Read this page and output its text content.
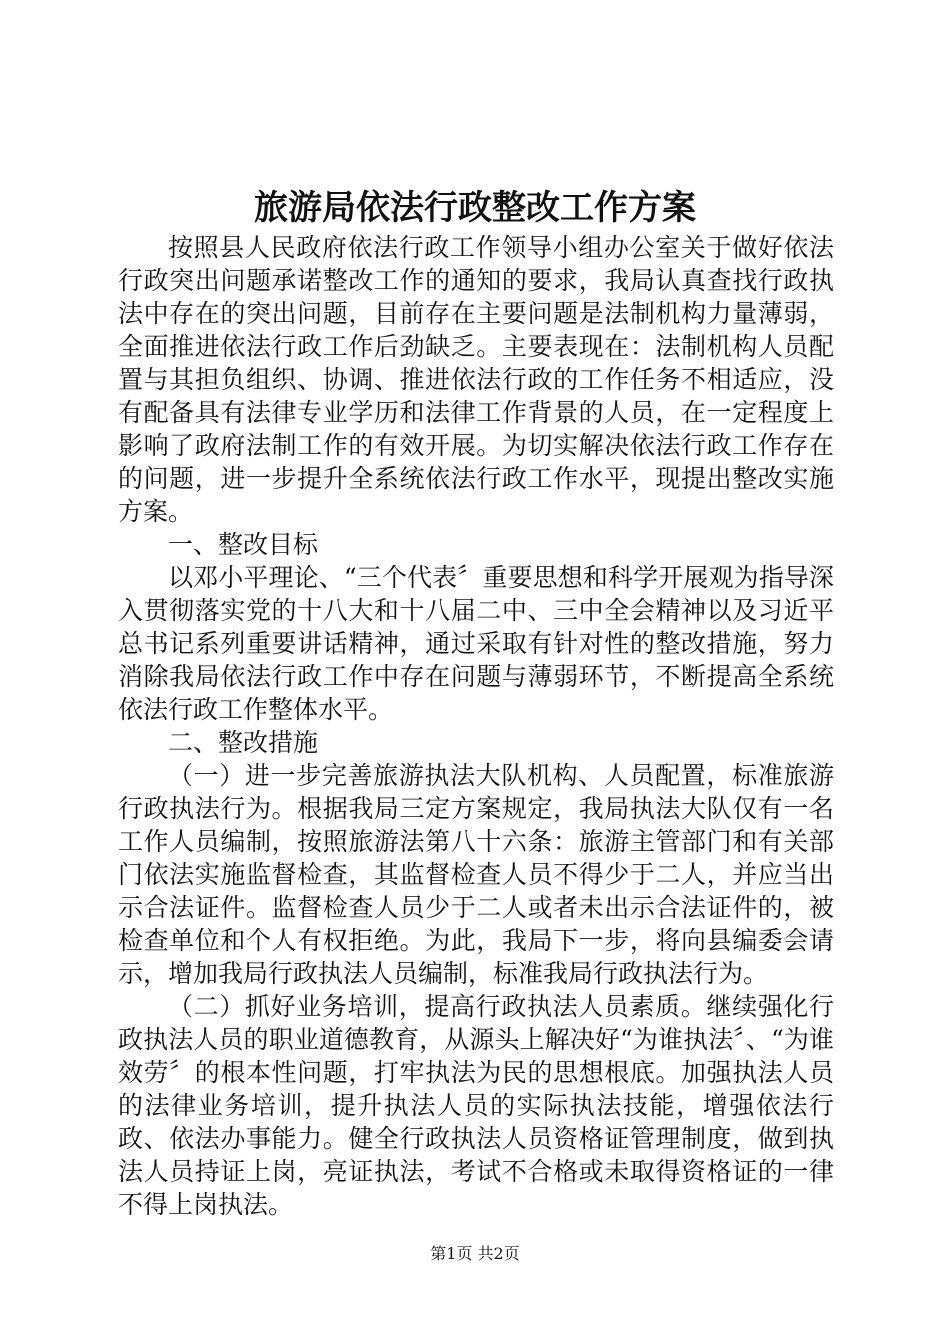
旅游局依法行政整改工作方案

按照县人民政府依法行政工作领导小组办公室关于做好依法行政突出问题承诺整改工作的通知的要求，我局认真查找行政执法中存在的突出问题，目前存在主要问题是法制机构力量薄弱，全面推进依法行政工作后劲缺乏。主要表现在：法制机构人员配置与其担负组织、协调、推进依法行政的工作任务不相适应，没有配备具有法律专业学历和法律工作背景的人员，在一定程度上影响了政府法制工作的有效开展。为切实解决依法行政工作存在的问题，进一步提升全系统依法行政工作水平，现提出整改实施方案。

一、整改目标

以邓小平理论、“三个代表〞重要思想和科学开展观为指导深入贯彻落实党的十八大和十八届二中、三中全会精神以及习近平总书记系列重要讲话精神，通过采取有针对性的整改措施，努力消除我局依法行政工作中存在问题与薄弱环节，不断提高全系统依法行政工作整体水平。

二、整改措施

（一）进一步完善旅游执法大队机构、人员配置，标准旅游行政执法行为。根据我局三定方案规定，我局执法大队仅有一名工作人员编制，按照旅游法第八十六条：旅游主管部门和有关部门依法实施监督检查，其监督检查人员不得少于二人，并应当出示合法证件。监督检查人员少于二人或者未出示合法证件的，被检查单位和个人有权拒绝。为此，我局下一步，将向县编委会请示，增加我局行政执法人员编制，标准我局行政执法行为。

（二）抓好业务培训，提高行政执法人员素质。继续强化行政执法人员的职业道德教育，从源头上解决好“为谁执法〞、“为谁效劳〞的根本性问题，打牢执法为民的思想根底。加强执法人员的法律业务培训，提升执法人员的实际执法技能，增强依法行政、依法办事能力。健全行政执法人员资格证管理制度，做到执法人员持证上岗，亮证执法，考试不合格或未取得资格证的一律不得上岗执法。

第1页 共2页
